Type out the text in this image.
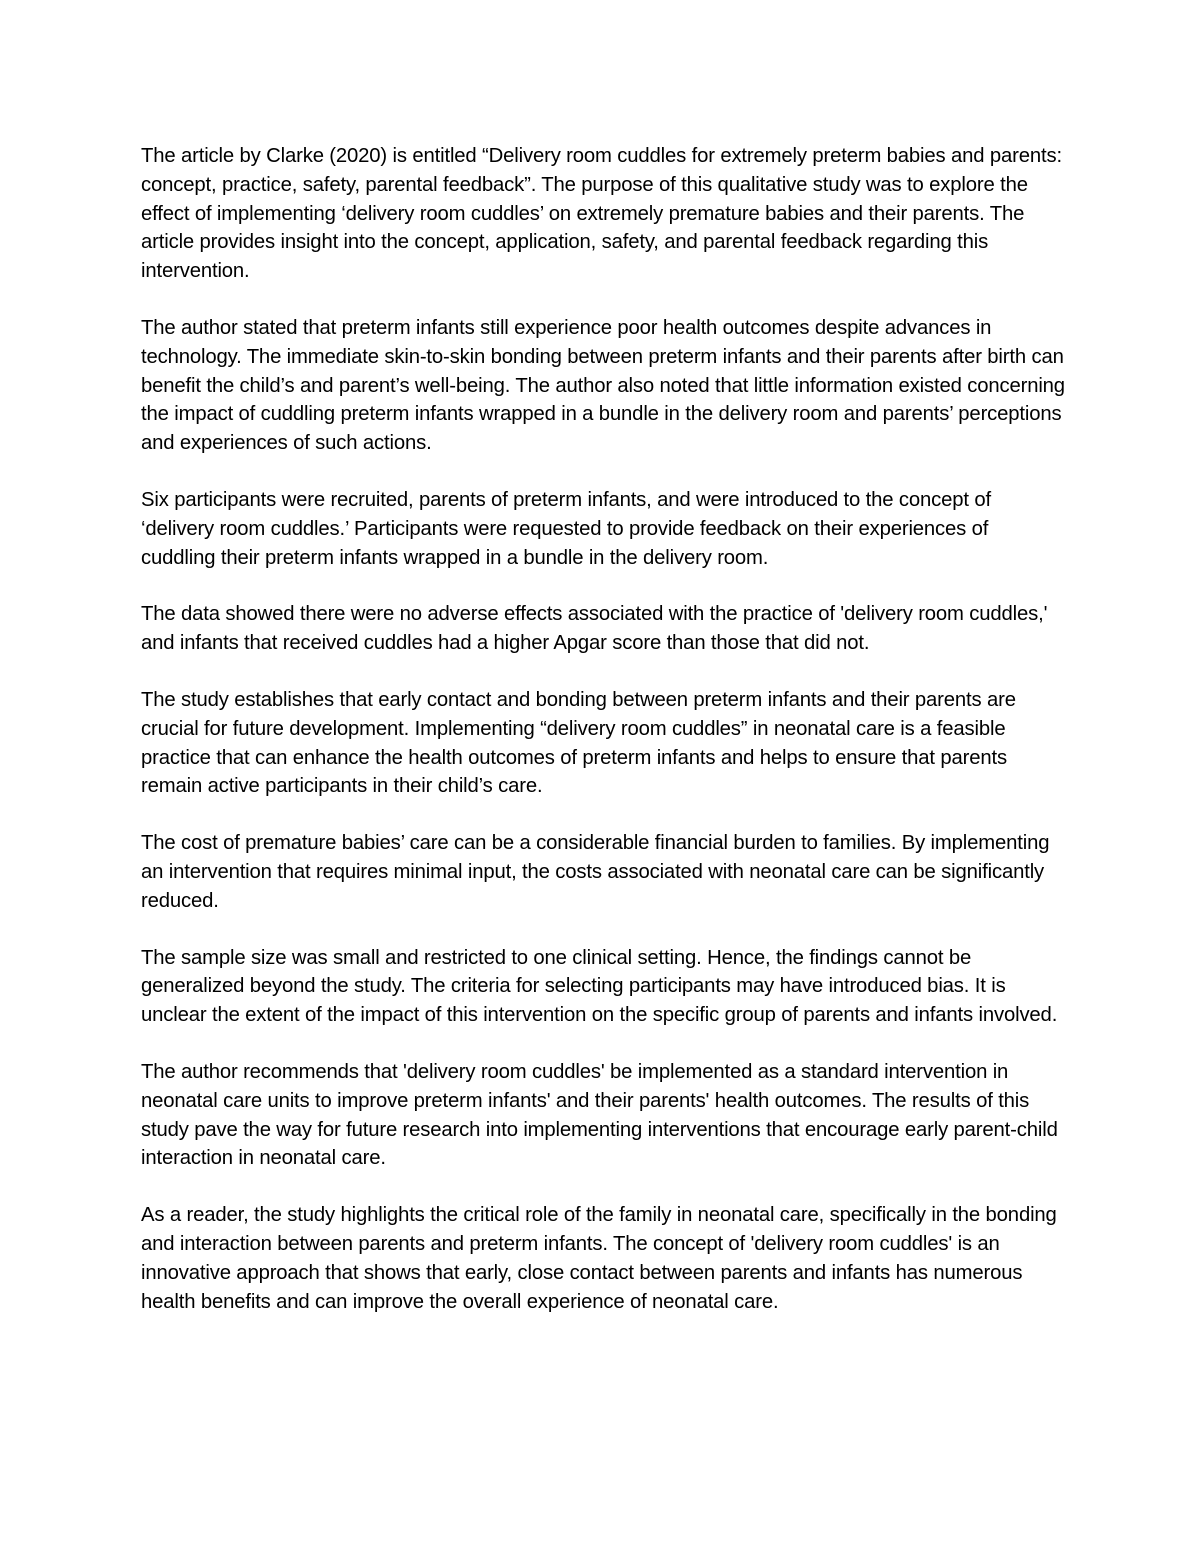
The article by Clarke (2020) is entitled “Delivery room cuddles for extremely preterm babies and parents: concept, practice, safety, parental feedback”. The purpose of this qualitative study was to explore the effect of implementing ‘delivery room cuddles’ on extremely premature babies and their parents. The article provides insight into the concept, application, safety, and parental feedback regarding this intervention.

The author stated that preterm infants still experience poor health outcomes despite advances in technology. The immediate skin-to-skin bonding between preterm infants and their parents after birth can benefit the child’s and parent’s well-being. The author also noted that little information existed concerning the impact of cuddling preterm infants wrapped in a bundle in the delivery room and parents’ perceptions and experiences of such actions.

Six participants were recruited, parents of preterm infants, and were introduced to the concept of ‘delivery room cuddles.’ Participants were requested to provide feedback on their experiences of cuddling their preterm infants wrapped in a bundle in the delivery room.

The data showed there were no adverse effects associated with the practice of 'delivery room cuddles,' and infants that received cuddles had a higher Apgar score than those that did not.

The study establishes that early contact and bonding between preterm infants and their parents are crucial for future development. Implementing “delivery room cuddles” in neonatal care is a feasible practice that can enhance the health outcomes of preterm infants and helps to ensure that parents remain active participants in their child’s care.

The cost of premature babies’ care can be a considerable financial burden to families. By implementing an intervention that requires minimal input, the costs associated with neonatal care can be significantly reduced.

The sample size was small and restricted to one clinical setting. Hence, the findings cannot be generalized beyond the study. The criteria for selecting participants may have introduced bias. It is unclear the extent of the impact of this intervention on the specific group of parents and infants involved.

The author recommends that 'delivery room cuddles' be implemented as a standard intervention in neonatal care units to improve preterm infants' and their parents' health outcomes. The results of this study pave the way for future research into implementing interventions that encourage early parent-child interaction in neonatal care.

As a reader, the study highlights the critical role of the family in neonatal care, specifically in the bonding and interaction between parents and preterm infants. The concept of 'delivery room cuddles' is an innovative approach that shows that early, close contact between parents and infants has numerous health benefits and can improve the overall experience of neonatal care.
